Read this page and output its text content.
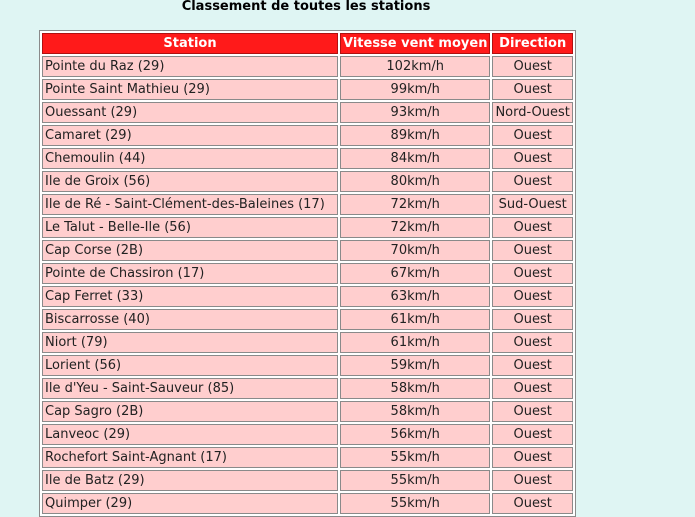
Classement de toutes les stations
Station	Vitesse vent moyen	Direction
Pointe du Raz (29)	102km/h	Ouest
Pointe Saint Mathieu (29)	99km/h	Ouest
Ouessant (29)	93km/h	Nord-Ouest
Camaret (29)	89km/h	Ouest
Chemoulin (44)	84km/h	Ouest
Ile de Groix (56)	80km/h	Ouest
Ile de Ré - Saint-Clément-des-Baleines (17)	72km/h	Sud-Ouest
Le Talut - Belle-Ile (56)	72km/h	Ouest
Cap Corse (2B)	70km/h	Ouest
Pointe de Chassiron (17)	67km/h	Ouest
Cap Ferret (33)	63km/h	Ouest
Biscarrosse (40)	61km/h	Ouest
Niort (79)	61km/h	Ouest
Lorient (56)	59km/h	Ouest
Ile d'Yeu - Saint-Sauveur (85)	58km/h	Ouest
Cap Sagro (2B)	58km/h	Ouest
Lanveoc (29)	56km/h	Ouest
Rochefort Saint-Agnant (17)	55km/h	Ouest
Ile de Batz (29)	55km/h	Ouest
Quimper (29)	55km/h	Ouest
